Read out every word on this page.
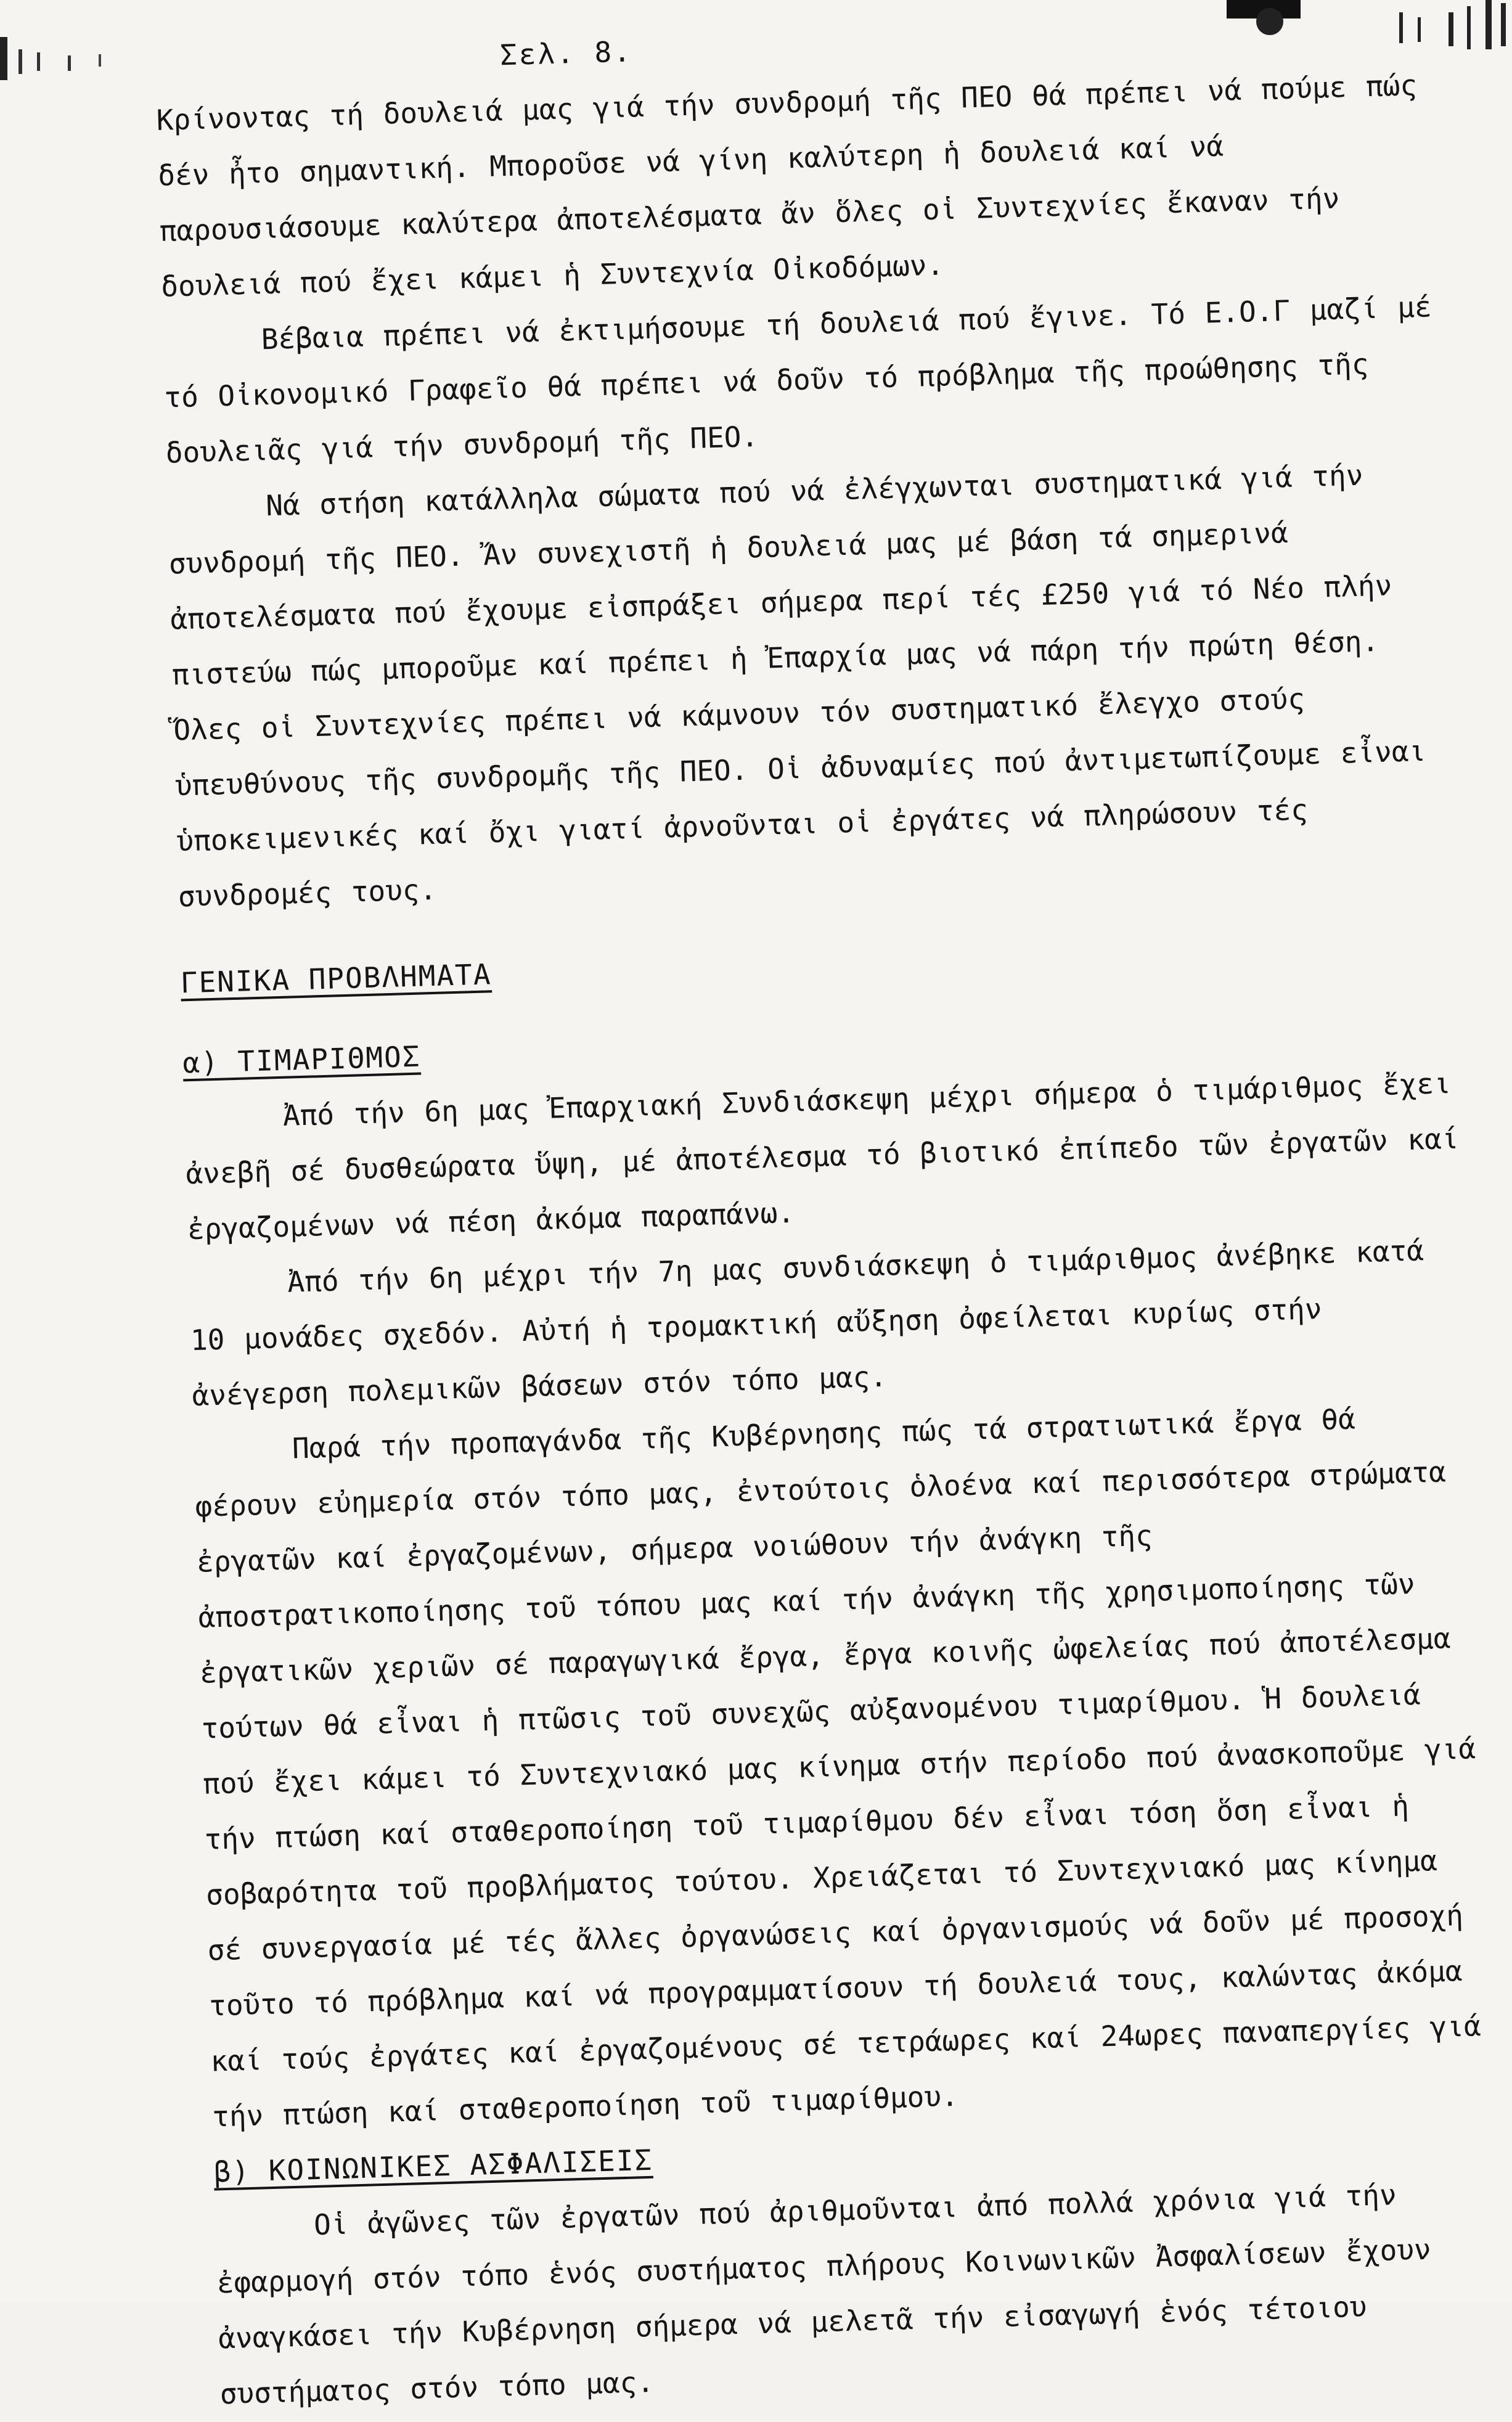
Σελ. 8.

Κρίνοντας τή δουλειά μας γιά τήν συνδρομή τῆς ΠΕΟ θά πρέπει νά πούμε πώς δέν ἦτο σημαντική. Μποροῦσε νά γίνη καλύτερη ἡ δουλειά καί νά παρουσιάσουμε καλύτερα ἀποτελέσματα ἄν ὅλες οἱ Συντεχνίες ἔκαναν τήν δουλειά πού ἔχει κάμει ἡ Συντεχνία Οἰκοδόμων.

Βέβαια πρέπει νά ἐκτιμήσουμε τή δουλειά πού ἔγινε. Τό Ε.Ο.Γ μαζί μέ τό Οἰκονομικό Γραφεῖο θά πρέπει νά δοῦν τό πρόβλημα τῆς προώθησης τῆς δουλειᾶς γιά τήν συνδρομή τῆς ΠΕΟ.

Νά στήση κατάλληλα σώματα πού νά ἐλέγχωνται συστηματικά γιά τήν συνδρομή τῆς ΠΕΟ. Ἄν συνεχιστῆ ἡ δουλειά μας μέ βάση τά σημερινά ἀποτελέσματα πού ἔχουμε εἰσπράξει σήμερα περί τές £250 γιά τό Νέο πλήν πιστεύω πώς μποροῦμε καί πρέπει ἡ Ἐπαρχία μας νά πάρη τήν πρώτη θέση. Ὅλες οἱ Συντεχνίες πρέπει νά κάμνουν τόν συστηματικό ἔλεγχο στούς ὑπευθύνους τῆς συνδρομῆς τῆς ΠΕΟ. Οἱ ἀδυναμίες πού ἀντιμετωπίζουμε εἶναι ὑποκειμενικές καί ὄχι γιατί ἀρνοῦνται οἱ ἐργάτες νά πληρώσουν τές συνδρομές τους.

ΓΕΝΙΚΑ ΠΡΟΒΛΗΜΑΤΑ
α) ΤΙΜΑΡΙΘΜΟΣ

Ἀπό τήν 6η μας Ἐπαρχιακή Συνδιάσκεψη μέχρι σήμερα ὁ τιμάριθμος ἔχει ἀνεβῆ σέ δυσθεώρατα ὕψη, μέ ἀποτέλεσμα τό βιοτικό ἐπίπεδο τῶν ἐργατῶν καί ἐργαζομένων νά πέση ἀκόμα παραπάνω.

Ἀπό τήν 6η μέχρι τήν 7η μας συνδιάσκεψη ὁ τιμάριθμος ἀνέβηκε κατά 10 μονάδες σχεδόν. Αὐτή ἡ τρομακτική αὔξηση ὀφείλεται κυρίως στήν ἀνέγερση πολεμικῶν βάσεων στόν τόπο μας.

Παρά τήν προπαγάνδα τῆς Κυβέρνησης πώς τά στρατιωτικά ἔργα θά φέρουν εὐημερία στόν τόπο μας, ἐντούτοις ὁλοένα καί περισσότερα στρώματα ἐργατῶν καί ἐργαζομένων, σήμερα νοιώθουν τήν ἀνάγκη τῆς ἀποστρατικοποίησης τοῦ τόπου μας καί τήν ἀνάγκη τῆς χρησιμοποίησης τῶν ἐργατικῶν χεριῶν σέ παραγωγικά ἔργα, ἔργα κοινῆς ὠφελείας πού ἀποτέλεσμα τούτων θά εἶναι ἡ πτῶσις τοῦ συνεχῶς αὐξανομένου τιμαρίθμου. Ἡ δουλειά πού ἔχει κάμει τό Συντεχνιακό μας κίνημα στήν περίοδο πού ἀνασκοποῦμε γιά τήν πτώση καί σταθεροποίηση τοῦ τιμαρίθμου δέν εἶναι τόση ὅση εἶναι ἡ σοβαρότητα τοῦ προβλήματος τούτου. Χρειάζεται τό Συντεχνιακό μας κίνημα σέ συνεργασία μέ τές ἄλλες ὀργανώσεις καί ὀργανισμούς νά δοῦν μέ προσοχή τοῦτο τό πρόβλημα καί νά προγραμματίσουν τή δουλειά τους, καλώντας ἀκόμα καί τούς ἐργάτες καί ἐργαζομένους σέ τετράωρες καί 24ωρες παναπεργίες γιά τήν πτώση καί σταθεροποίηση τοῦ τιμαρίθμου.

β) ΚΟΙΝΩΝΙΚΕΣ ΑΣΦΑΛΙΣΕΙΣ

Οἱ ἀγῶνες τῶν ἐργατῶν πού ἀριθμοῦνται ἀπό πολλά χρόνια γιά τήν ἐφαρμογή στόν τόπο ἑνός συστήματος πλήρους Κοινωνικῶν Ἀσφαλίσεων ἔχουν ἀναγκάσει τήν Κυβέρνηση σήμερα νά μελετᾶ τήν εἰσαγωγή ἑνός τέτοιου συστήματος στόν τόπο μας.
